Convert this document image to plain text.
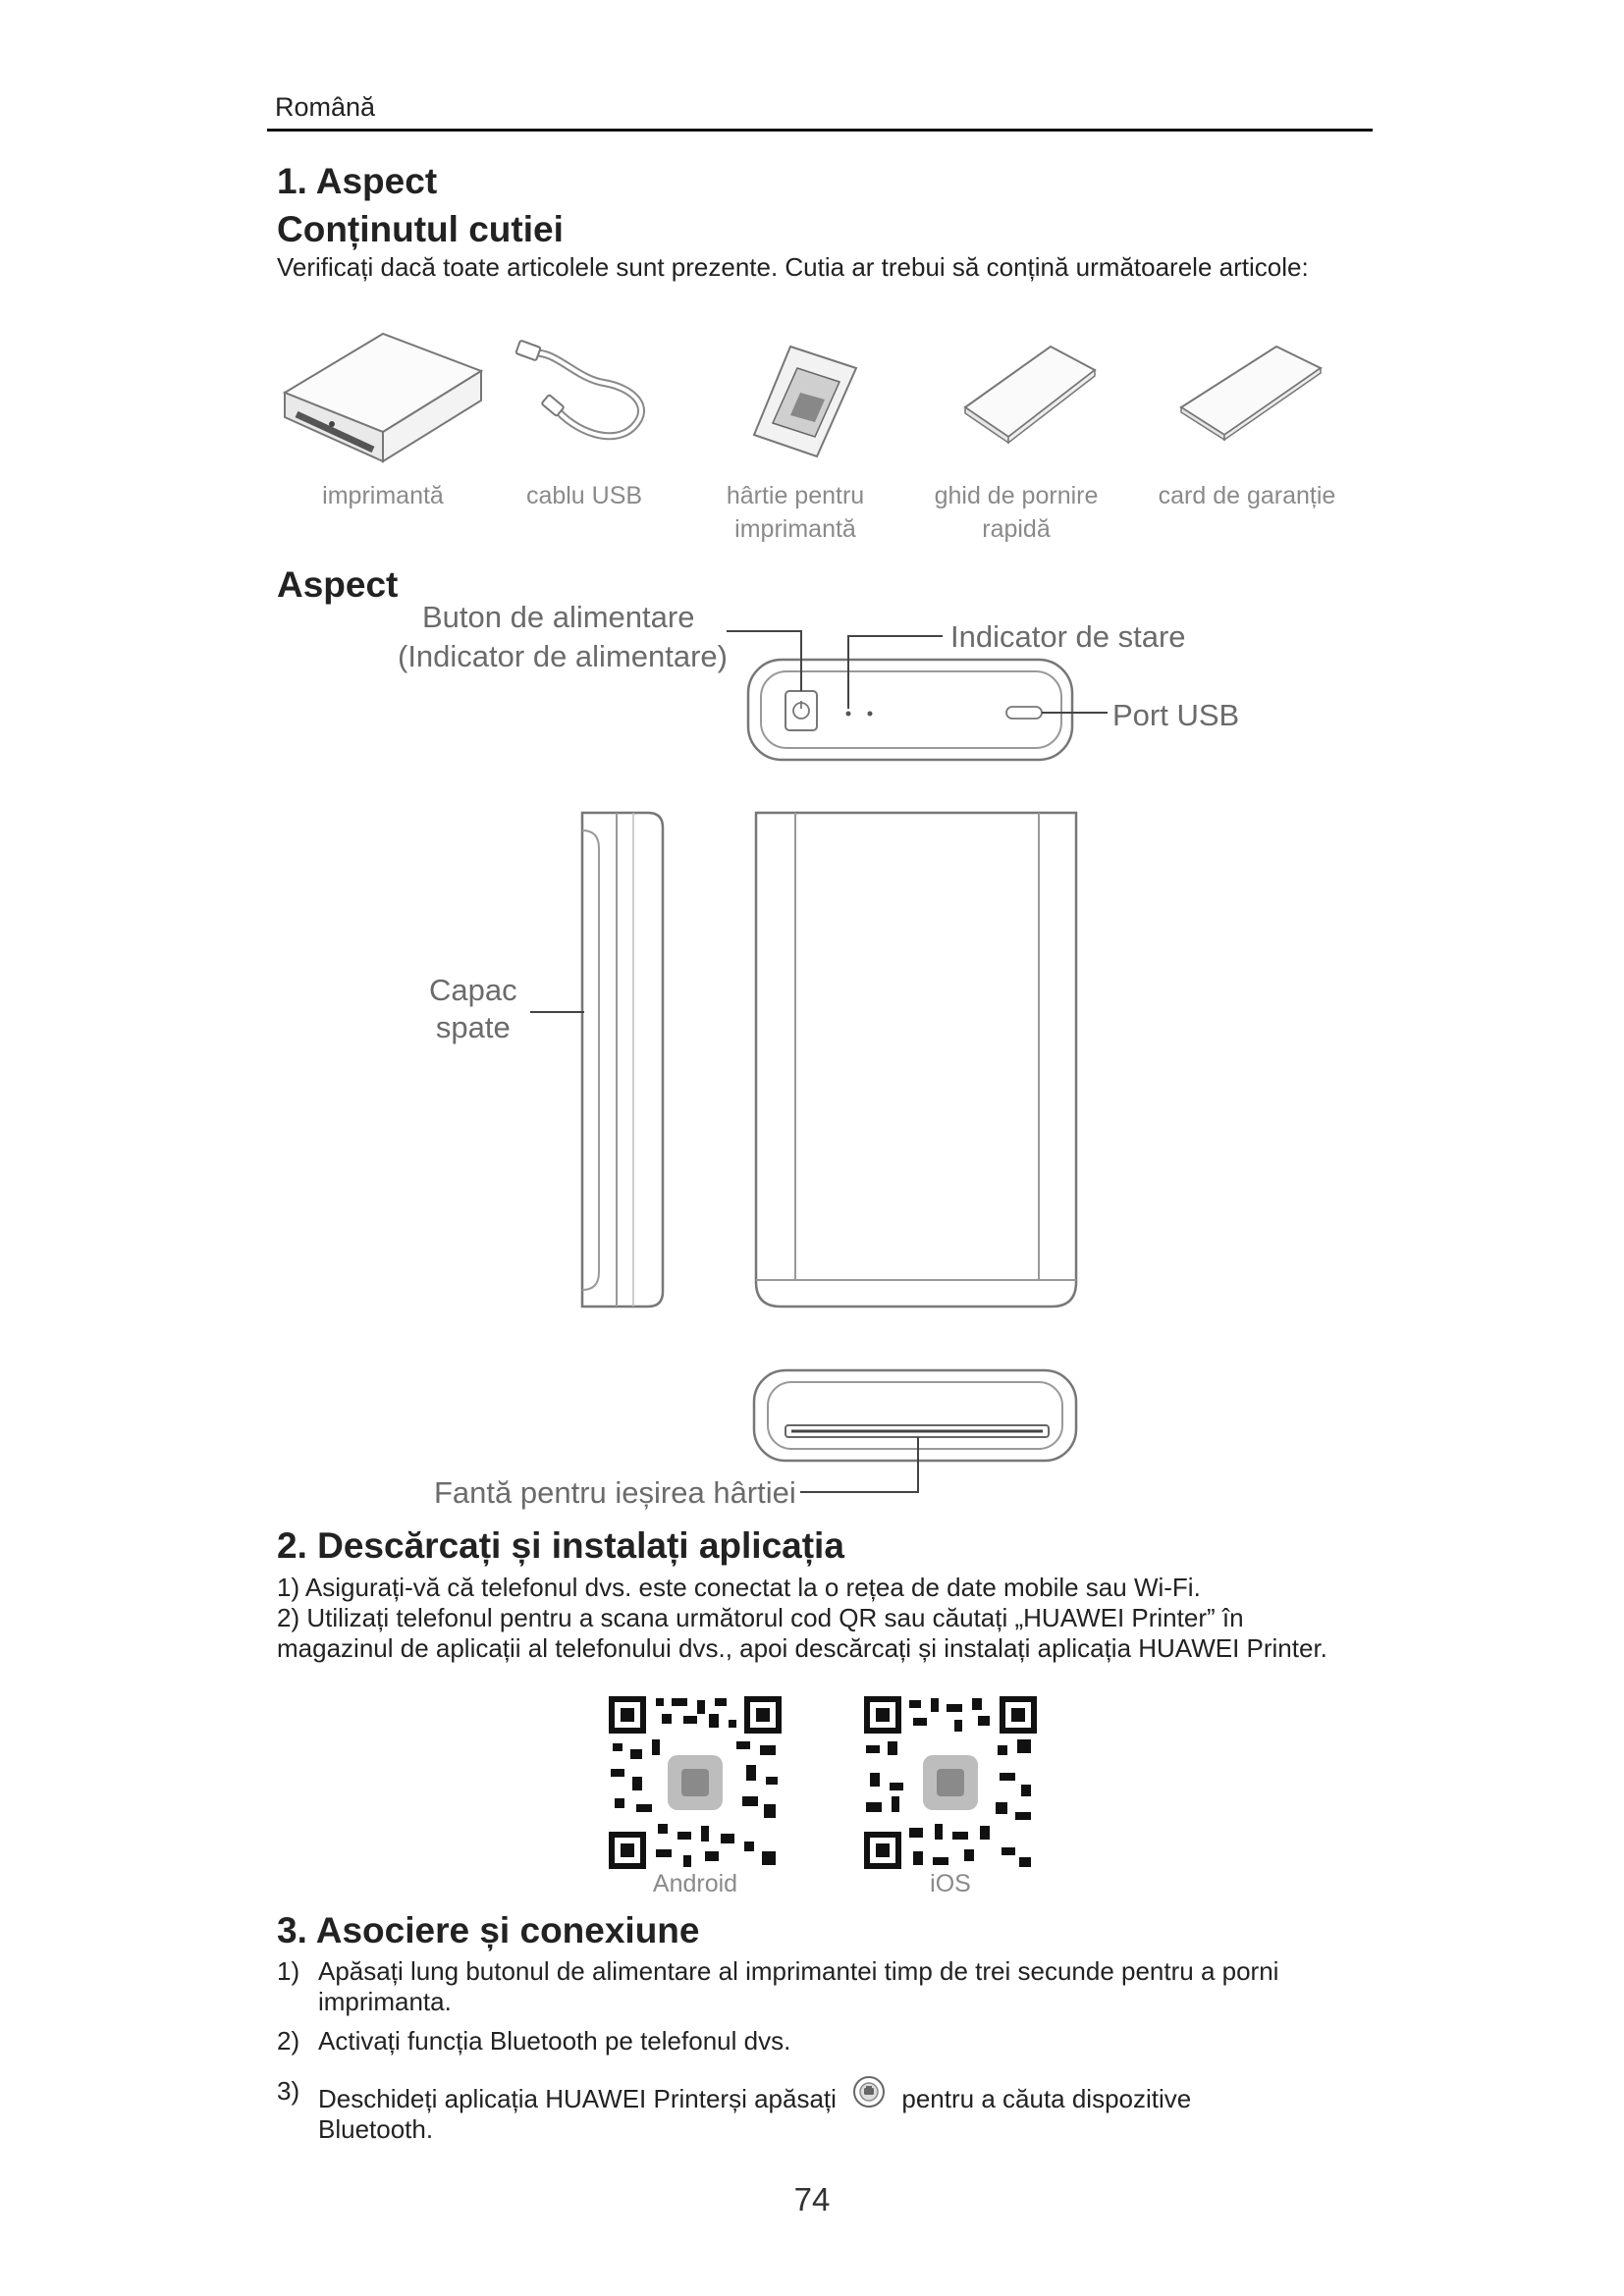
Română
1. Aspect
Conținutul cutiei
Verificați dacă toate articolele sunt prezente. Cutia ar trebui să conțină următoarele articole:
imprimantă	cablu USB	hârtie pentru
imprimantă
ghid de pornire
rapidă
card de garanție
Aspect
Buton de alimentare
(Indicator de alimentare)
Indicator de stare
Port USB
Capac
spate
Fantă pentru ieșirea hârtiei
2. Descărcați și instalați aplicația
1) Asigurați-vă că telefonul dvs. este conectat la o rețea de date mobile sau Wi-Fi.
2) Utilizați telefonul pentru a scana următorul cod QR sau căutați „HUAWEI Printer” în magazinul de aplicații al telefonului dvs., apoi descărcați și instalați aplicația HUAWEI Printer.
Android	iOS
3. Asociere și conexiune
1) Apăsați lung butonul de alimentare al imprimantei timp de trei secunde pentru a porni imprimanta.
2) Activați funcția Bluetooth pe telefonul dvs.
3) Deschideți aplicația HUAWEI Printerși apăsați	pentru a căuta dispozitive
Bluetooth.
74
